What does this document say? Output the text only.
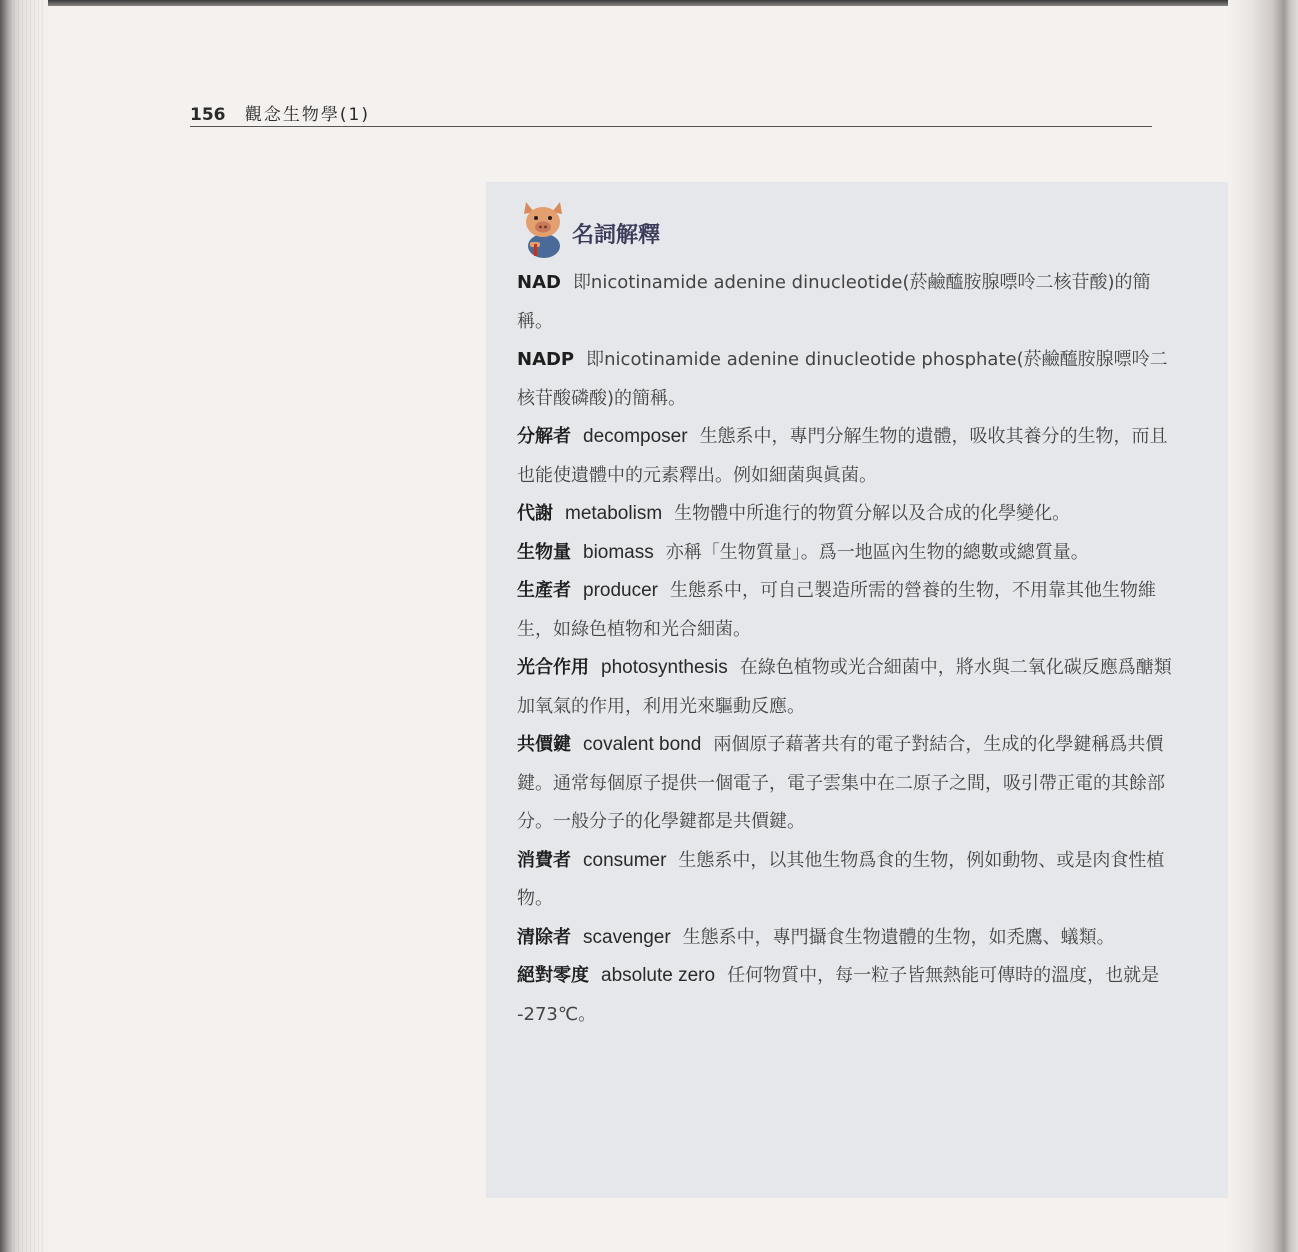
156 觀念生物學(1)
名詞解釋

NAD 即nicotinamide adenine dinucleotide(菸鹼醯胺腺嘌呤二核苷酸)的簡稱。

NADP 即nicotinamide adenine dinucleotide phosphate(菸鹼醯胺腺嘌呤二核苷酸磷酸)的簡稱。

分解者 decomposer 生態系中，專門分解生物的遺體，吸收其養分的生物，而且也能使遺體中的元素釋出。例如細菌與眞菌。

代謝 metabolism 生物體中所進行的物質分解以及合成的化學變化。

生物量 biomass 亦稱「生物質量」。爲一地區內生物的總數或總質量。

生產者 producer 生態系中，可自己製造所需的營養的生物，不用靠其他生物維生，如綠色植物和光合細菌。

光合作用 photosynthesis 在綠色植物或光合細菌中，將水與二氧化碳反應爲醣類加氧氣的作用，利用光來驅動反應。

共價鍵 covalent bond 兩個原子藉著共有的電子對結合，生成的化學鍵稱爲共價鍵。通常每個原子提供一個電子，電子雲集中在二原子之間，吸引帶正電的其餘部分。一般分子的化學鍵都是共價鍵。

消費者 consumer 生態系中，以其他生物爲食的生物，例如動物、或是肉食性植物。

清除者 scavenger 生態系中，專門攝食生物遺體的生物，如禿鷹、蟻類。

絕對零度 absolute zero 任何物質中，每一粒子皆無熱能可傳時的溫度，也就是 -273℃。
